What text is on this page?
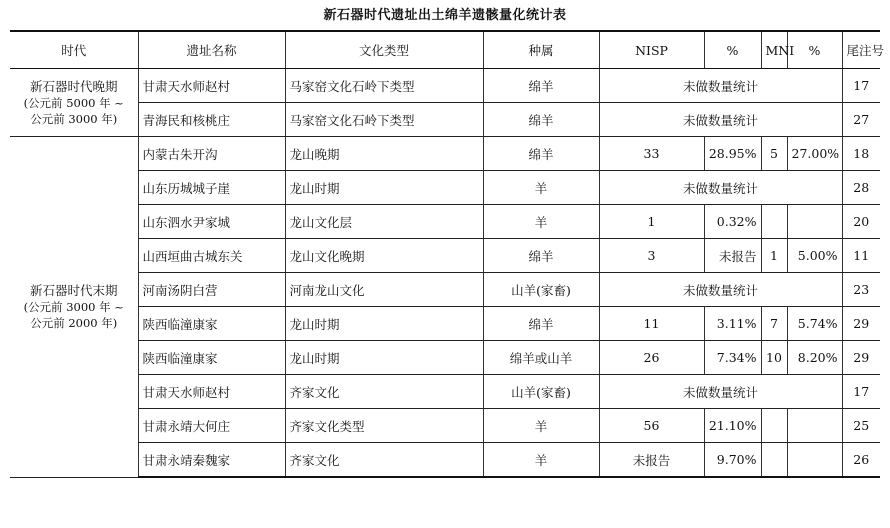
新石器时代遗址出土绵羊遗骸量化统计表
时代	遗址名称	文化类型	种属	NISP	%	MNI	%	尾注号
新石器时代晚期

(公元前 5000 年 ~
公元前 3000 年)	甘肃天水师赵村	马家窑文化石岭下类型	绵羊	未做数量统计				17
	青海民和核桃庄	马家窑文化石岭下类型	绵羊	未做数量统计				27
新石器时代末期

(公元前 3000 年 ~
公元前 2000 年)	内蒙古朱开沟	龙山晚期	绵羊	33	28.95%	5	27.00%	18
	山东历城城子崖	龙山时期	羊	未做数量统计				28
	山东泗水尹家城	龙山文化层	羊	1	0.32%			20
	山西垣曲古城东关	龙山文化晚期	绵羊	3	未报告	1	5.00%	11
	河南汤阴白营	河南龙山文化	山羊(家畜)	未做数量统计				23
	陕西临潼康家	龙山时期	绵羊	11	3.11%	7	5.74%	29
	陕西临潼康家	龙山时期	绵羊或山羊	26	7.34%	10	8.20%	29
	甘肃天水师赵村	齐家文化	山羊(家畜)	未做数量统计				17
	甘肃永靖大何庄	齐家文化类型	羊	56	21.10%			25
	甘肃永靖秦魏家	齐家文化	羊	未报告	9.70%			26
